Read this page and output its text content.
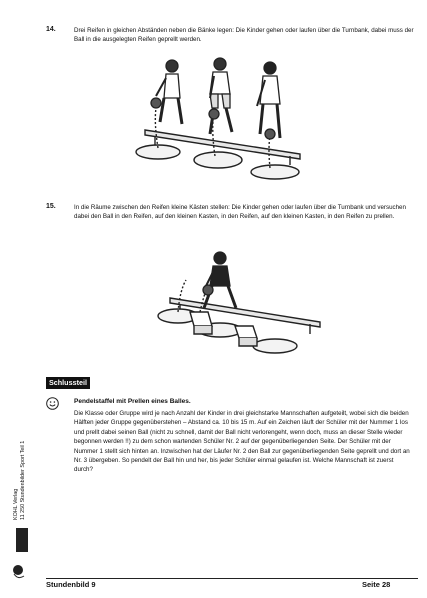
14.	Drei Reifen in gleichen Abständen neben die Bänke legen: Die Kinder gehen oder laufen über die Turnbank, dabei muss der Ball in die ausgelegten Reifen geprellt werden.
15.	In die Räume zwischen den Reifen kleine Kästen stellen: Die Kinder gehen oder laufen über die Turnbank und versuchen dabei den Ball in den Reifen, auf den kleinen Kasten, in den Reifen, auf den kleinen Kasten, in den Reifen zu prellen.
Schlussteil
Pendelstaffel mit Prellen eines Balles.
Die Klasse oder Gruppe wird je nach Anzahl der Kinder in drei gleichstarke Mannschaften aufgeteilt, wobei sich die beiden Hälften jeder Gruppe gegenüberstehen – Abstand ca. 10 bis 15 m. Auf ein Zeichen läuft der Schüler mit der Nummer 1 los und prellt dabei seinen Ball (nicht zu schnell, damit der Ball nicht verlorengeht, wenn doch, muss an dieser Stelle wieder begonnen werden !!) zu dem schon wartenden Schüler Nr. 2 auf der gegenüberliegenden Seite. Der Schüler mit der Nummer 1 stellt sich hinten an. Inzwischen hat der Läufer Nr. 2 den Ball zur gegenüberliegenden Seite geprellt und dort an Nr. 3 übergeben. So pendelt der Ball hin und her, bis jeder Schüler einmal gelaufen ist. Welche Mannschaft ist zuerst durch?
KOHL Verlag 11 250 Stundenbilder Sport Teil 1
Stundenbild 9	Seite 28
